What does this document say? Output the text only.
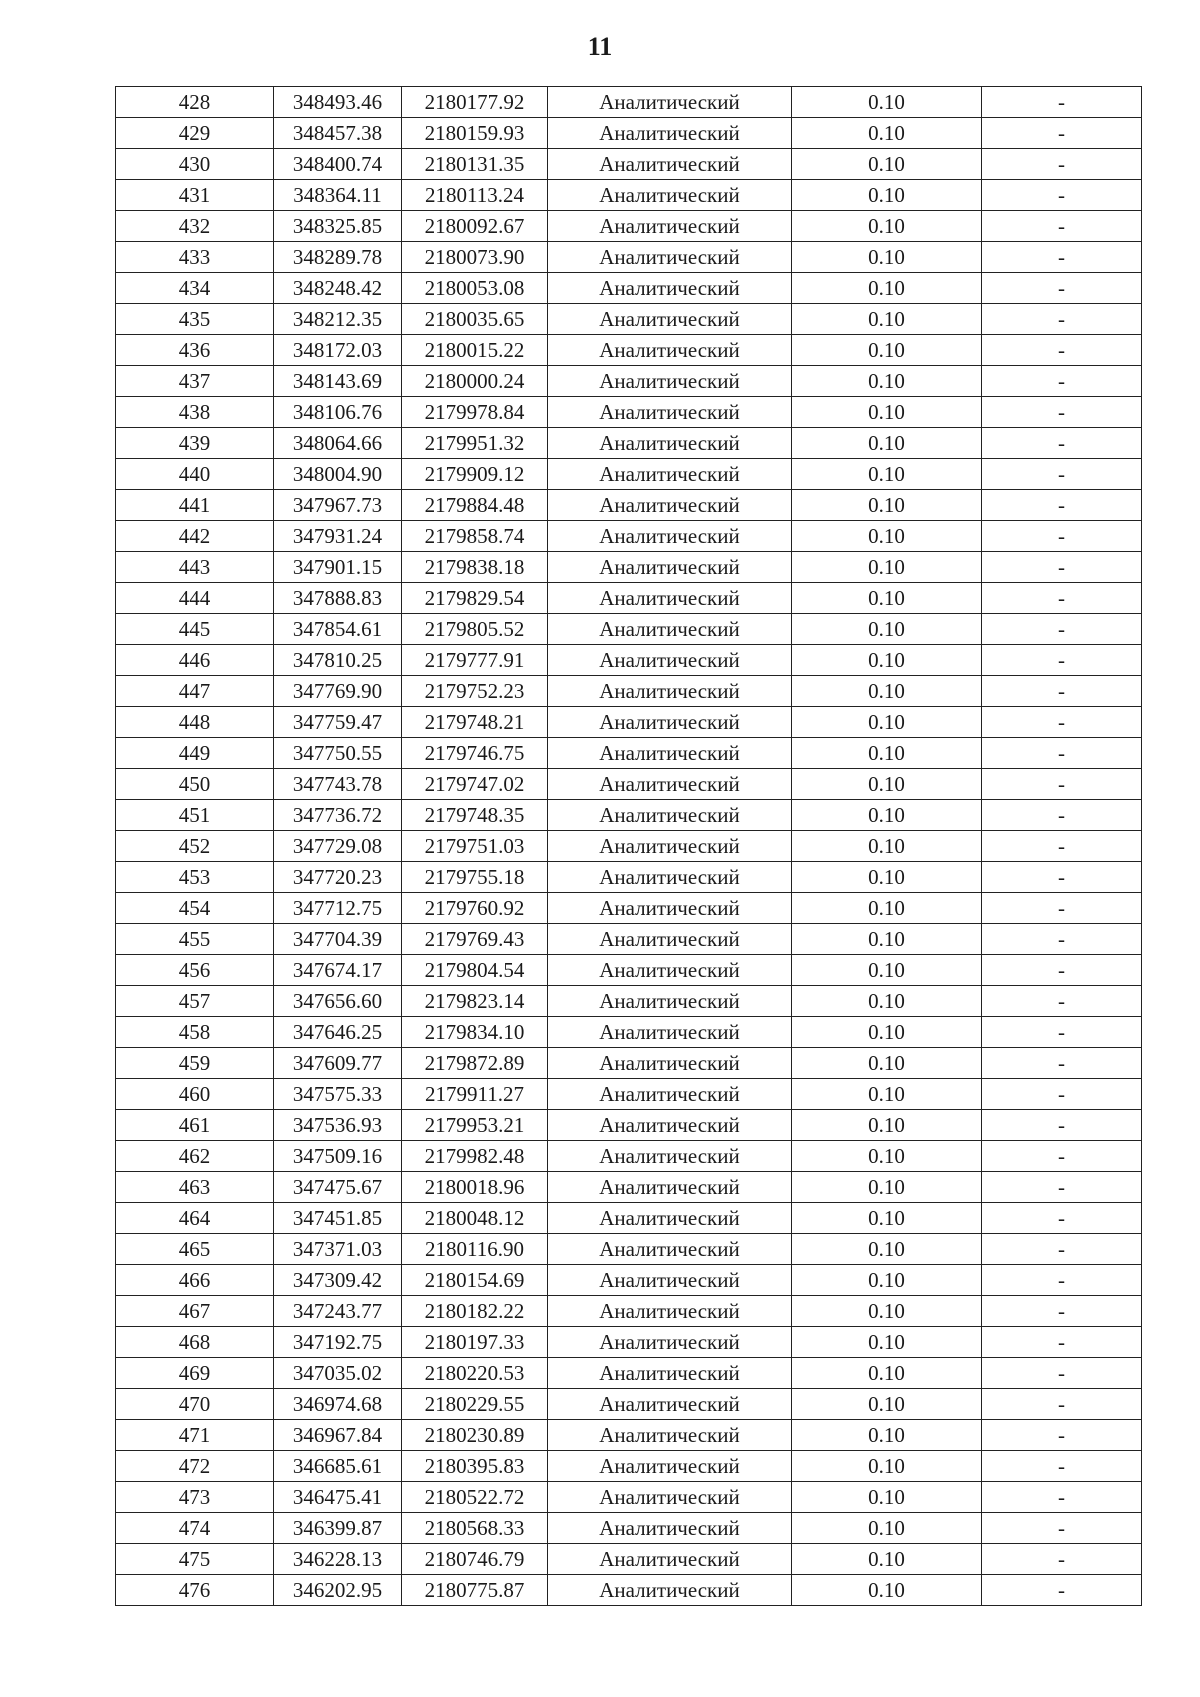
11
428	348493.46	2180177.92	Аналитический	0.10	-
429	348457.38	2180159.93	Аналитический	0.10	-
430	348400.74	2180131.35	Аналитический	0.10	-
431	348364.11	2180113.24	Аналитический	0.10	-
432	348325.85	2180092.67	Аналитический	0.10	-
433	348289.78	2180073.90	Аналитический	0.10	-
434	348248.42	2180053.08	Аналитический	0.10	-
435	348212.35	2180035.65	Аналитический	0.10	-
436	348172.03	2180015.22	Аналитический	0.10	-
437	348143.69	2180000.24	Аналитический	0.10	-
438	348106.76	2179978.84	Аналитический	0.10	-
439	348064.66	2179951.32	Аналитический	0.10	-
440	348004.90	2179909.12	Аналитический	0.10	-
441	347967.73	2179884.48	Аналитический	0.10	-
442	347931.24	2179858.74	Аналитический	0.10	-
443	347901.15	2179838.18	Аналитический	0.10	-
444	347888.83	2179829.54	Аналитический	0.10	-
445	347854.61	2179805.52	Аналитический	0.10	-
446	347810.25	2179777.91	Аналитический	0.10	-
447	347769.90	2179752.23	Аналитический	0.10	-
448	347759.47	2179748.21	Аналитический	0.10	-
449	347750.55	2179746.75	Аналитический	0.10	-
450	347743.78	2179747.02	Аналитический	0.10	-
451	347736.72	2179748.35	Аналитический	0.10	-
452	347729.08	2179751.03	Аналитический	0.10	-
453	347720.23	2179755.18	Аналитический	0.10	-
454	347712.75	2179760.92	Аналитический	0.10	-
455	347704.39	2179769.43	Аналитический	0.10	-
456	347674.17	2179804.54	Аналитический	0.10	-
457	347656.60	2179823.14	Аналитический	0.10	-
458	347646.25	2179834.10	Аналитический	0.10	-
459	347609.77	2179872.89	Аналитический	0.10	-
460	347575.33	2179911.27	Аналитический	0.10	-
461	347536.93	2179953.21	Аналитический	0.10	-
462	347509.16	2179982.48	Аналитический	0.10	-
463	347475.67	2180018.96	Аналитический	0.10	-
464	347451.85	2180048.12	Аналитический	0.10	-
465	347371.03	2180116.90	Аналитический	0.10	-
466	347309.42	2180154.69	Аналитический	0.10	-
467	347243.77	2180182.22	Аналитический	0.10	-
468	347192.75	2180197.33	Аналитический	0.10	-
469	347035.02	2180220.53	Аналитический	0.10	-
470	346974.68	2180229.55	Аналитический	0.10	-
471	346967.84	2180230.89	Аналитический	0.10	-
472	346685.61	2180395.83	Аналитический	0.10	-
473	346475.41	2180522.72	Аналитический	0.10	-
474	346399.87	2180568.33	Аналитический	0.10	-
475	346228.13	2180746.79	Аналитический	0.10	-
476	346202.95	2180775.87	Аналитический	0.10	-
